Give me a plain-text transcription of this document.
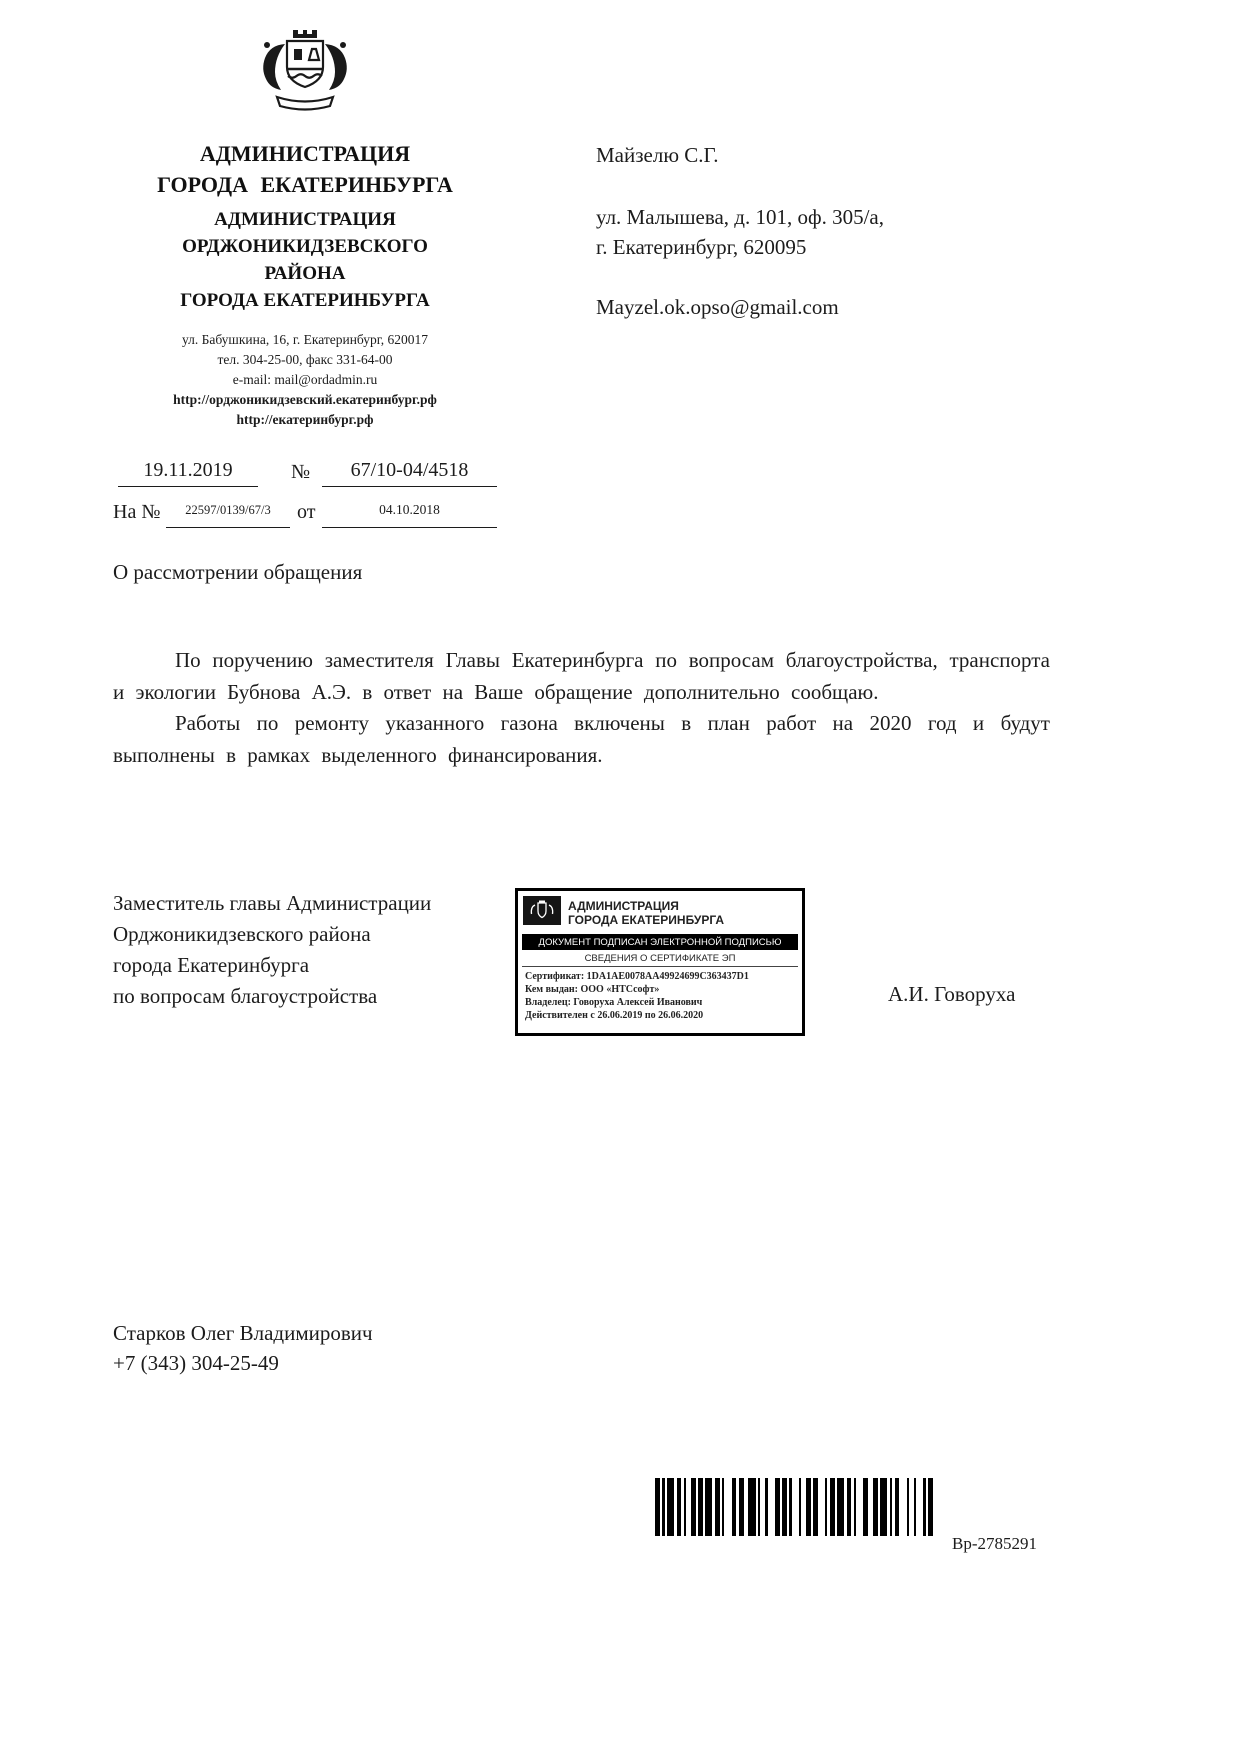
АДМИНИСТРАЦИЯ
ГОРОДА ЕКАТЕРИНБУРГА
АДМИНИСТРАЦИЯ
ОРДЖОНИКИДЗЕВСКОГО
РАЙОНА
ГОРОДА ЕКАТЕРИНБУРГА
ул. Бабушкина, 16, г. Екатеринбург, 620017
тел. 304-25-00, факс 331-64-00
e-mail: mail@ordadmin.ru
http://орджоникидзевский.екатеринбург.рф
http://екатеринбург.рф
19.11.2019	№	67/10-04/4518
На №	22597/0139/67/3	от	04.10.2018
Майзелю С.Г.
ул. Малышева, д. 101, оф. 305/а,
г. Екатеринбург, 620095
Mayzel.ok.opso@gmail.com
О рассмотрении обращения

По поручению заместителя Главы Екатеринбурга по вопросам благоустройства, транспорта и экологии Бубнова А.Э. в ответ на Ваше обращение дополнительно сообщаю.

Работы по ремонту указанного газона включены в план работ на 2020 год и будут выполнены в рамках выделенного финансирования.

Заместитель главы Администрации
Орджоникидзевского района
города Екатеринбурга
по вопросам благоустройства
АДМИНИСТРАЦИЯ
ГОРОДА ЕКАТЕРИНБУРГА
ДОКУМЕНТ ПОДПИСАН ЭЛЕКТРОННОЙ ПОДПИСЬЮ
СВЕДЕНИЯ О СЕРТИФИКАТЕ ЭП
Сертификат: 1DA1AE0078AA49924699C363437D1
Кем выдан: ООО «НТСсофт»
Владелец: Говоруха Алексей Иванович
Действителен с 26.06.2019 по 26.06.2020
А.И. Говоруха
Старков Олег Владимирович
+7 (343) 304-25-49
Вр-2785291
